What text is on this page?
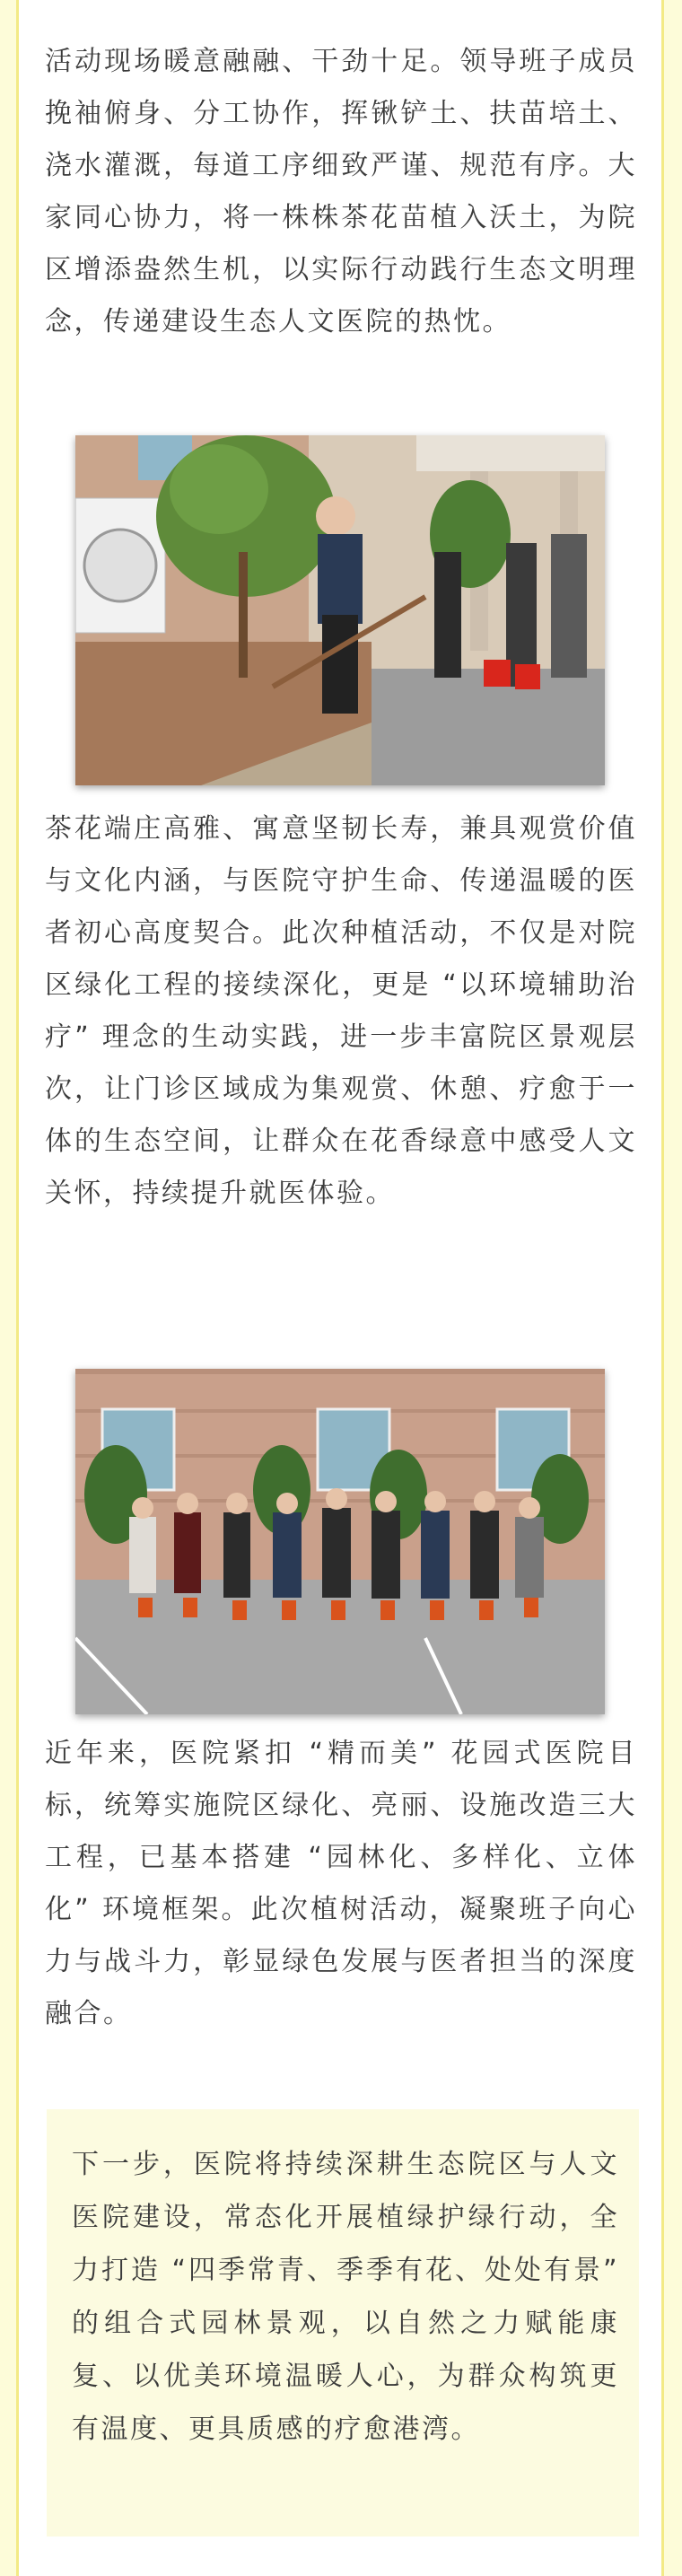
活动现场暖意融融、干劲十足。领导班子成员挽袖俯身、分工协作，挥锹铲土、扶苗培土、浇水灌溉，每道工序细致严谨、规范有序。大家同心协力，将一株株茶花苗植入沃土，为院区增添盎然生机，以实际行动践行生态文明理念，传递建设生态人文医院的热忱。
茶花端庄高雅、寓意坚韧长寿，兼具观赏价值与文化内涵，与医院守护生命、传递温暖的医者初心高度契合。此次种植活动，不仅是对院区绿化工程的接续深化，更是 “以环境辅助治疗” 理念的生动实践，进一步丰富院区景观层次，让门诊区域成为集观赏、休憩、疗愈于一体的生态空间，让群众在花香绿意中感受人文关怀，持续提升就医体验。
近年来，医院紧扣 “精而美” 花园式医院目标，统筹实施院区绿化、亮丽、设施改造三大工程，已基本搭建 “园林化、多样化、立体化” 环境框架。此次植树活动，凝聚班子向心力与战斗力，彰显绿色发展与医者担当的深度融合。
下一步，医院将持续深耕生态院区与人文医院建设，常态化开展植绿护绿行动，全力打造 “四季常青、季季有花、处处有景” 的组合式园林景观，以自然之力赋能康复、以优美环境温暖人心，为群众构筑更有温度、更具质感的疗愈港湾。
